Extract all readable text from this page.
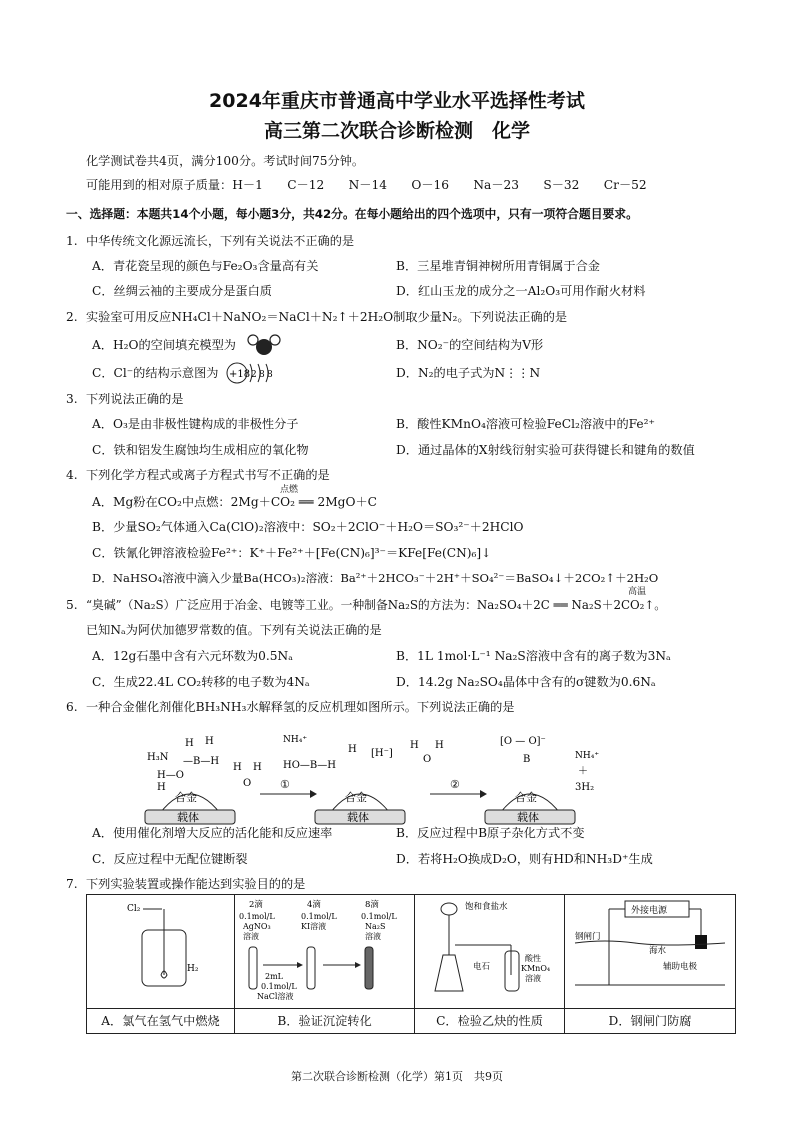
2024年重庆市普通高中学业水平选择性考试
高三第二次联合诊断检测　化学
化学测试卷共4页，满分100分。考试时间75分钟。
可能用到的相对原子质量：H－1　　C－12　　N－14　　O－16　　Na－23　　S－32　　Cr－52
一、选择题：本题共14个小题，每小题3分，共42分。在每小题给出的四个选项中，只有一项符合题目要求。
1. 中华传统文化源远流长，下列有关说法不正确的是
A．青花瓷呈现的颜色与Fe₂O₃含量高有关	B．三星堆青铜神树所用青铜属于合金
C．丝绸云袖的主要成分是蛋白质	D．红山玉龙的成分之一Al₂O₃可用作耐火材料
2. 实验室可用反应NH₄Cl＋NaNO₂＝NaCl＋N₂↑＋2H₂O制取少量N₂。下列说法正确的是
A．H₂O的空间填充模型为	B．NO₂⁻的空间结构为V形
C．Cl⁻的结构示意图为 +18 2 8 8	D．N₂的电子式为N⋮⋮N
3. 下列说法正确的是
A．O₃是由非极性键构成的非极性分子	B．酸性KMnO₄溶液可检验FeCl₂溶液中的Fe²⁺
C．铁和铝发生腐蚀均生成相应的氧化物	D．通过晶体的X射线衍射实验可获得键长和键角的数值
4. 下列化学方程式或离子方程式书写不正确的是
点燃
A．Mg粉在CO₂中点燃：2Mg＋CO₂ ══ 2MgO＋C
B．少量SO₂气体通入Ca(ClO)₂溶液中：SO₂＋2ClO⁻＋H₂O＝SO₃²⁻＋2HClO
C．铁氰化钾溶液检验Fe²⁺：K⁺＋Fe²⁺＋[Fe(CN)₆]³⁻＝KFe[Fe(CN)₆]↓
D．NaHSO₄溶液中滴入少量Ba(HCO₃)₂溶液：Ba²⁺＋2HCO₃⁻＋2H⁺＋SO₄²⁻＝BaSO₄↓＋2CO₂↑＋2H₂O
5.
高温
“臭碱”（Na₂S）广泛应用于冶金、电镀等工业。一种制备Na₂S的方法为：Na₂SO₄＋2C ══ Na₂S＋2CO₂↑。
已知Nₐ为阿伏加德罗常数的值。下列有关说法正确的是
A．12g石墨中含有六元环数为0.5Nₐ	B．1L 1mol·L⁻¹ Na₂S溶液中含有的离子数为3Nₐ
C．生成22.4L CO₂转移的电子数为4Nₐ	D．14.2g Na₂SO₄晶体中含有的σ键数为0.6Nₐ
6. 一种合金催化剂催化BH₃NH₃水解释氢的反应机理如图所示。下列说法正确的是
合金
载体
H H
H₃N —B—H
H—O
H
H H
O	①
合金
载体
NH₄⁺
HO—B—H
H [H⁻]
H H
O
②
合金
载体
[O — O]⁻
B	NH₄⁺
＋
3H₂
A．使用催化剂增大反应的活化能和反应速率	B．反应过程中B原子杂化方式不变
C．反应过程中无配位键断裂	D．若将H₂O换成D₂O，则有HD和NH₃D⁺生成
7. 下列实验装置或操作能达到实验目的的是
Cl₂
H₂
A．氯气在氢气中燃烧
2滴	4滴	8滴
0.1mol/L
AgNO₃
溶液
0.1mol/L
KI溶液
0.1mol/L
Na₂S
溶液
2mL
0.1mol/L
NaCl溶液
B．验证沉淀转化
饱和食盐水
电石
酸性
KMnO₄
溶液
C．检验乙炔的性质
外接电源
钢闸门
海水
辅助电极
D．钢闸门防腐
第二次联合诊断检测（化学）第1页　共9页
